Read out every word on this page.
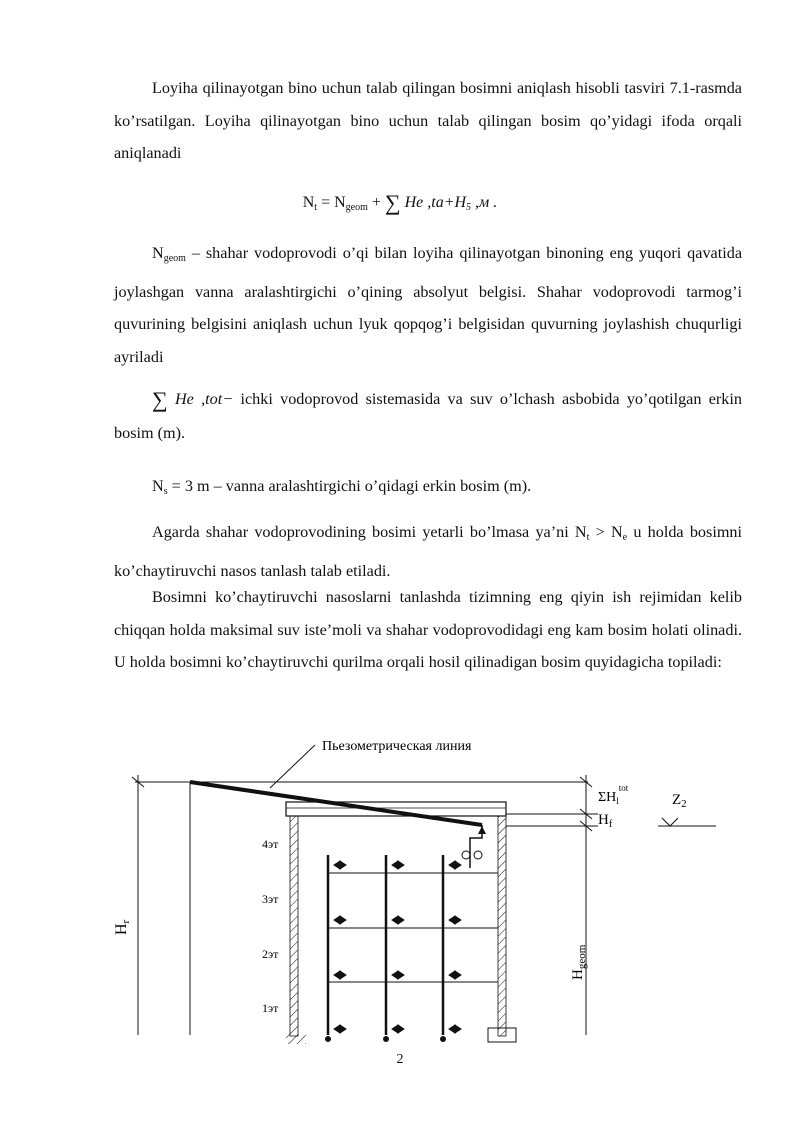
Loyiha qilinayotgan bino uchun talab qilingan bosimni aniqlash hisobli tasviri 7.1-rasmda ko’rsatilgan. Loyiha qilinayotgan bino uchun talab qilingan bosim qo’yidagi ifoda orqali aniqlanadi

$N_t = N_{geom}$ + ∑ He $,ta+H_5$ ,м .

$N_{geom}$ – shahar vodoprovodi o’qi bilan loyiha qilinayotgan binoning eng yuqori qavatida joylashgan vanna aralashtirgichi o’qining absolyut belgisi. Shahar vodoprovodi tarmog’i quvurining belgisini aniqlash uchun lyuk qopqog’i belgisidan quvurning joylashish chuqurligi ayriladi

∑ He ,tot− ichki vodoprovod sistemasida va suv o’lchash asbobida yo’qotilgan erkin bosim (m).

$N_s = 3$ m – vanna aralashtirgichi o’qidagi erkin bosim (m).

Agarda shahar vodoprovodining bosimi yetarli bo’lmasa ya’ni $N_t > N_e$ u holda bosimni ko’chaytiruvchi nasos tanlash talab etiladi.

Bosimni ko’chaytiruvchi nasoslarni tanlashda tizimning eng qiyin ish rejimidan kelib chiqqan holda maksimal suv iste’moli va shahar vodoprovodidagi eng kam bosim holati olinadi. U holda bosimni ko’chaytiruvchi qurilma orqali hosil qilinadigan bosim quyidagicha topiladi:

Пьезометрическая линия
Hr
4эт
3эт
2эт
1эт
$\Sigma H_l^{tot}$
$H_f$
$Z_2$
$H_{geom}$
2
